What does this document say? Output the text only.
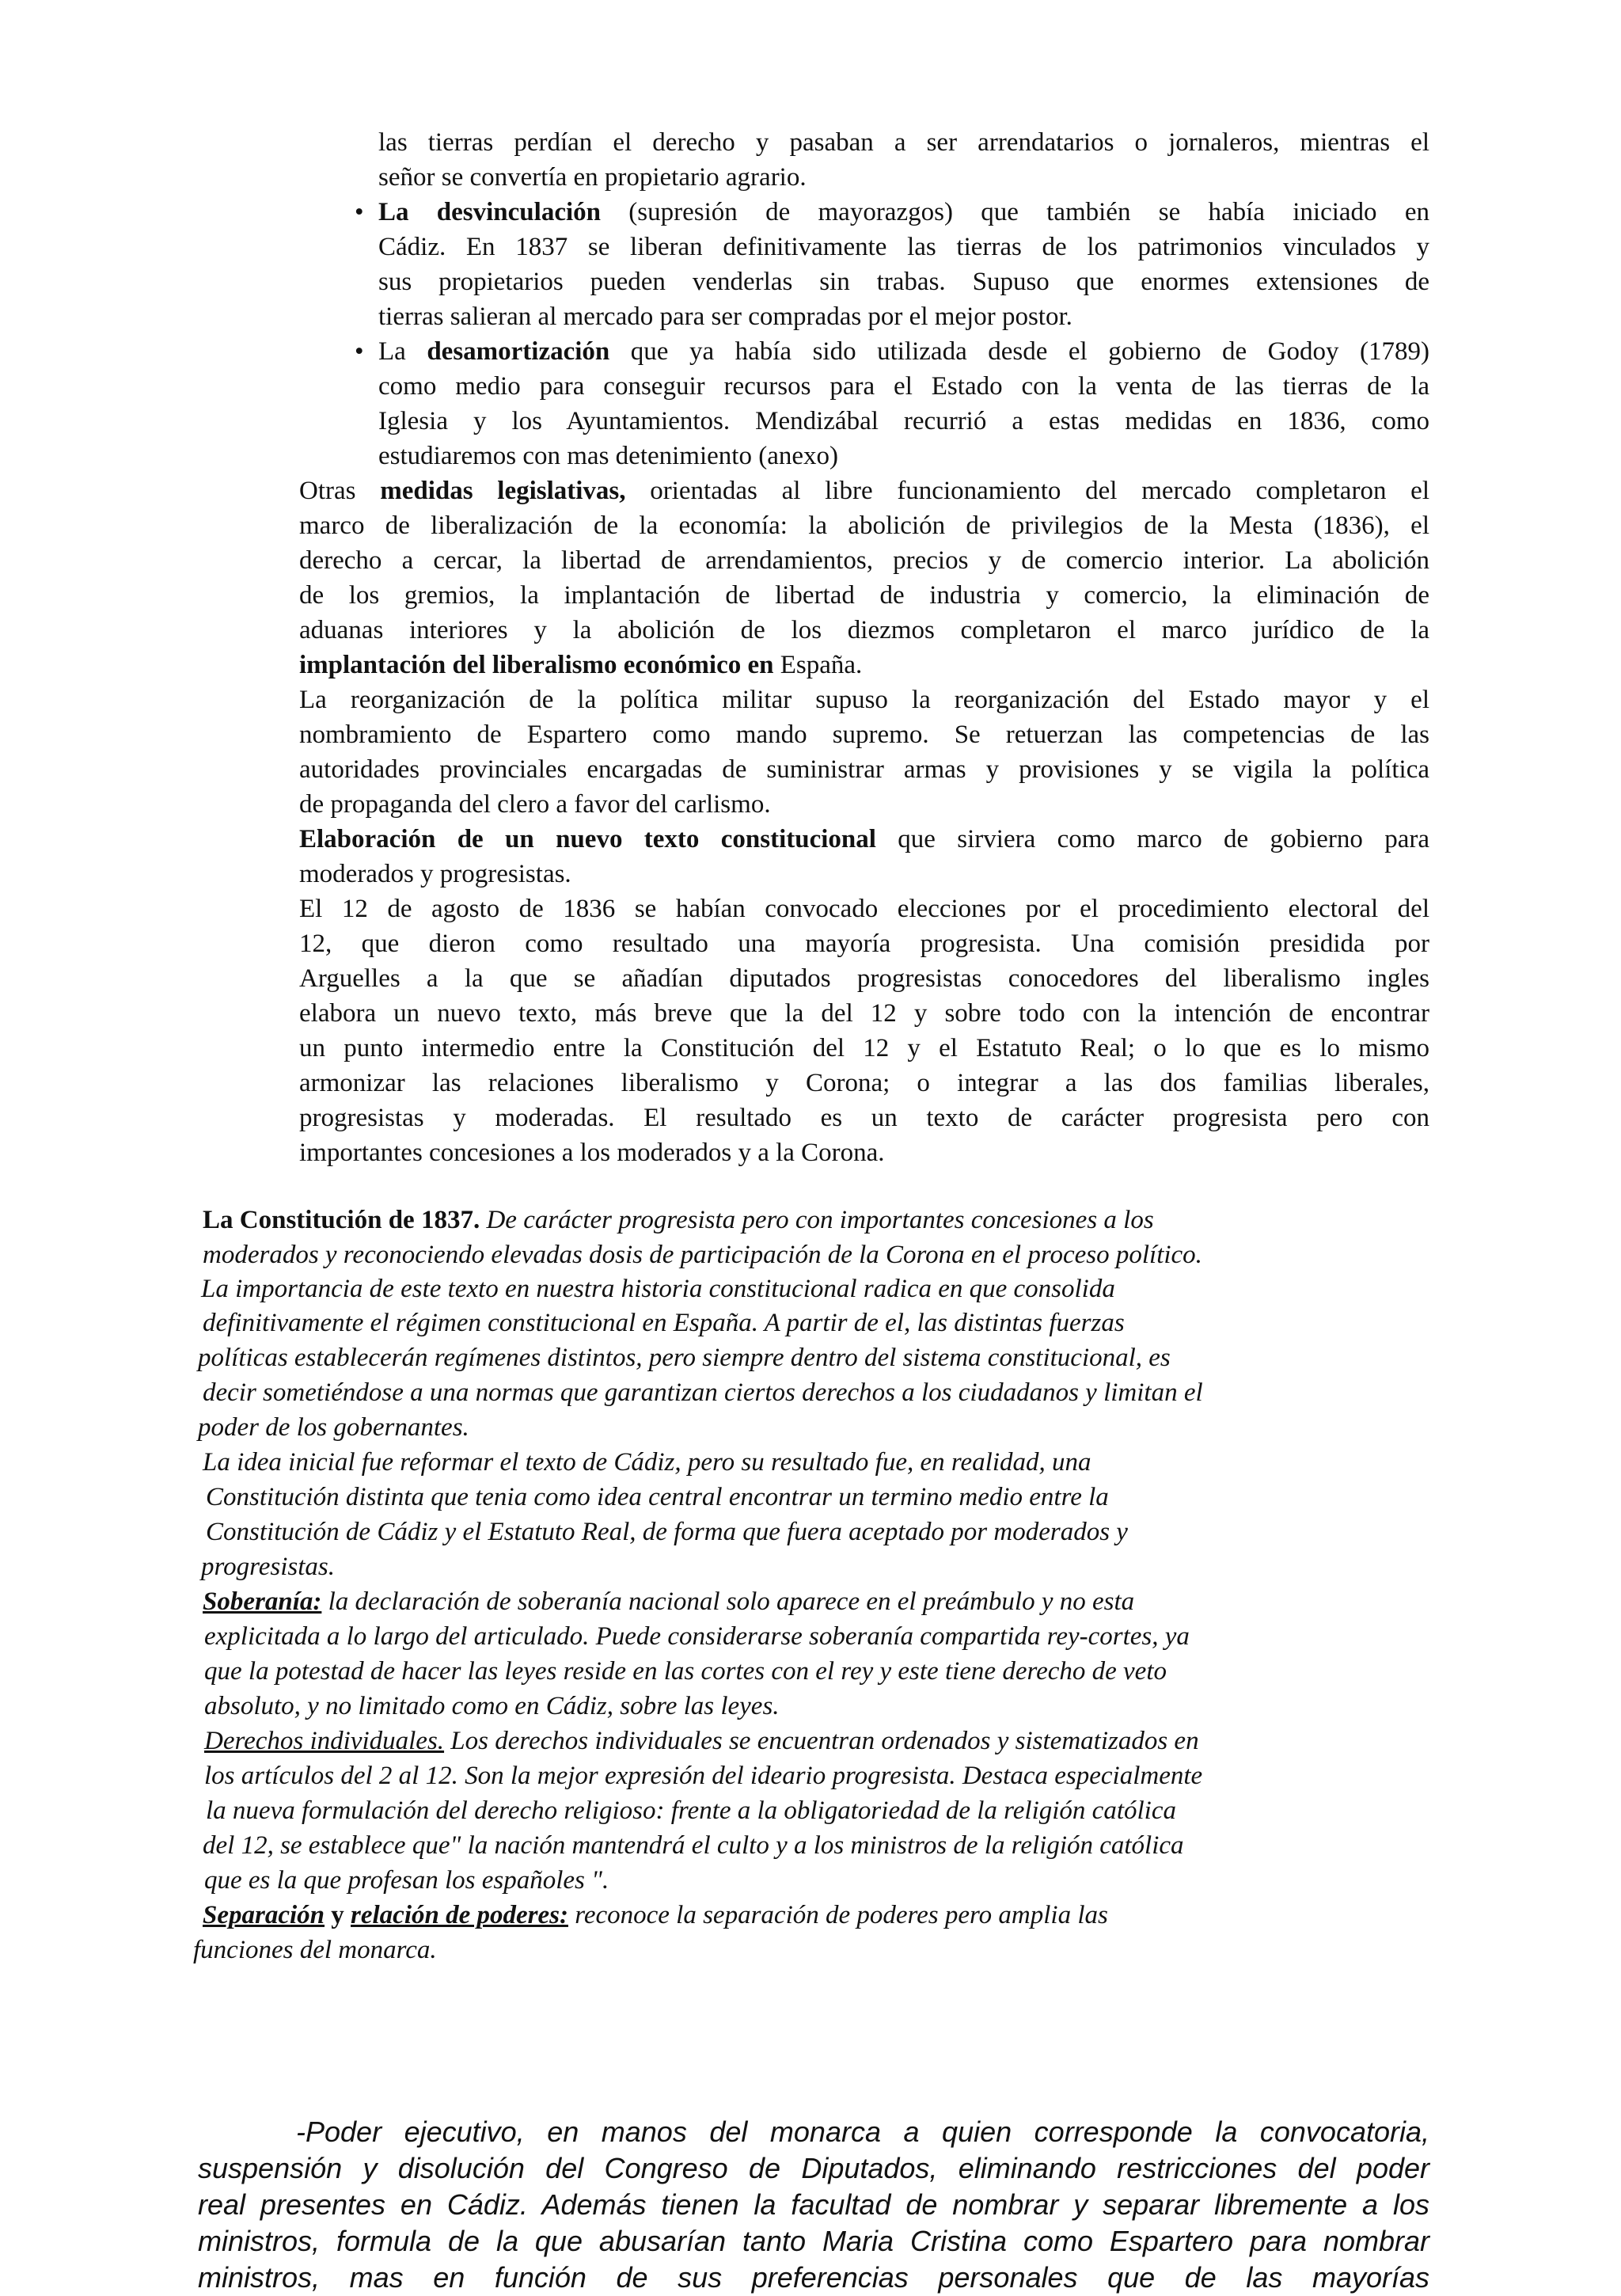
las tierras perdían el derecho y pasaban a ser arrendatarios o jornaleros, mientras el
señor se convertía en propietario agrario.
• La desvinculación (supresión de mayorazgos) que también se había iniciado en
Cádiz. En 1837 se liberan definitivamente las tierras de los patrimonios vinculados y
sus propietarios pueden venderlas sin trabas. Supuso que enormes extensiones de
tierras salieran al mercado para ser compradas por el mejor postor.
• La desamortización que ya había sido utilizada desde el gobierno de Godoy (1789)
como medio para conseguir recursos para el Estado con la venta de las tierras de la
Iglesia y los Ayuntamientos. Mendizábal recurrió a estas medidas en 1836, como
estudiaremos con mas detenimiento (anexo)
Otras medidas legislativas, orientadas al libre funcionamiento del mercado completaron el
marco de liberalización de la economía: la abolición de privilegios de la Mesta (1836), el
derecho a cercar, la libertad de arrendamientos, precios y de comercio interior. La abolición
de los gremios, la implantación de libertad de industria y comercio, la eliminación de
aduanas interiores y la abolición de los diezmos completaron el marco jurídico de la
implantación del liberalismo económico en España.
La reorganización de la política militar supuso la reorganización del Estado mayor y el
nombramiento de Espartero como mando supremo. Se retuerzan las competencias de las
autoridades provinciales encargadas de suministrar armas y provisiones y se vigila la política
de propaganda del clero a favor del carlismo.
Elaboración de un nuevo texto constitucional que sirviera como marco de gobierno para
moderados y progresistas.
El 12 de agosto de 1836 se habían convocado elecciones por el procedimiento electoral del
12, que dieron como resultado una mayoría progresista. Una comisión presidida por
Arguelles a la que se añadían diputados progresistas conocedores del liberalismo ingles
elabora un nuevo texto, más breve que la del 12 y sobre todo con la intención de encontrar
un punto intermedio entre la Constitución del 12 y el Estatuto Real; o lo que es lo mismo
armonizar las relaciones liberalismo y Corona; o integrar a las dos familias liberales,
progresistas y moderadas. El resultado es un texto de carácter progresista pero con
importantes concesiones a los moderados y a la Corona.
La Constitución de 1837. De carácter progresista pero con importantes concesiones a los
moderados y reconociendo elevadas dosis de participación de la Corona en el proceso político.
La importancia de este texto en nuestra historia constitucional radica en que consolida
definitivamente el régimen constitucional en España. A partir de el, las distintas fuerzas
políticas establecerán regímenes distintos, pero siempre dentro del sistema constitucional, es
decir sometiéndose a una normas que garantizan ciertos derechos a los ciudadanos y limitan el
poder de los gobernantes.
La idea inicial fue reformar el texto de Cádiz, pero su resultado fue, en realidad, una
Constitución distinta que tenia como idea central encontrar un termino medio entre la
Constitución de Cádiz y el Estatuto Real, de forma que fuera aceptado por moderados y
progresistas.
Soberanía: la declaración de soberanía nacional solo aparece en el preámbulo y no esta
explicitada a lo largo del articulado. Puede considerarse soberanía compartida rey-cortes, ya
que la potestad de hacer las leyes reside en las cortes con el rey y este tiene derecho de veto
absoluto, y no limitado como en Cádiz, sobre las leyes.
Derechos individuales. Los derechos individuales se encuentran ordenados y sistematizados en
los artículos del 2 al 12. Son la mejor expresión del ideario progresista. Destaca especialmente
la nueva formulación del derecho religioso: frente a la obligatoriedad de la religión católica
del 12, se establece que" la nación mantendrá el culto y a los ministros de la religión católica
que es la que profesan los españoles ".
Separación y relación de poderes: reconoce la separación de poderes pero amplia las
funciones del monarca.
-Poder ejecutivo, en manos del monarca a quien corresponde la convocatoria,
suspensión y disolución del Congreso de Diputados, eliminando restricciones del poder
real presentes en Cádiz. Además tienen la facultad de nombrar y separar libremente a los
ministros, formula de la que abusarían tanto Maria Cristina como Espartero para nombrar
ministros, mas en función de sus preferencias personales que de las mayorías
